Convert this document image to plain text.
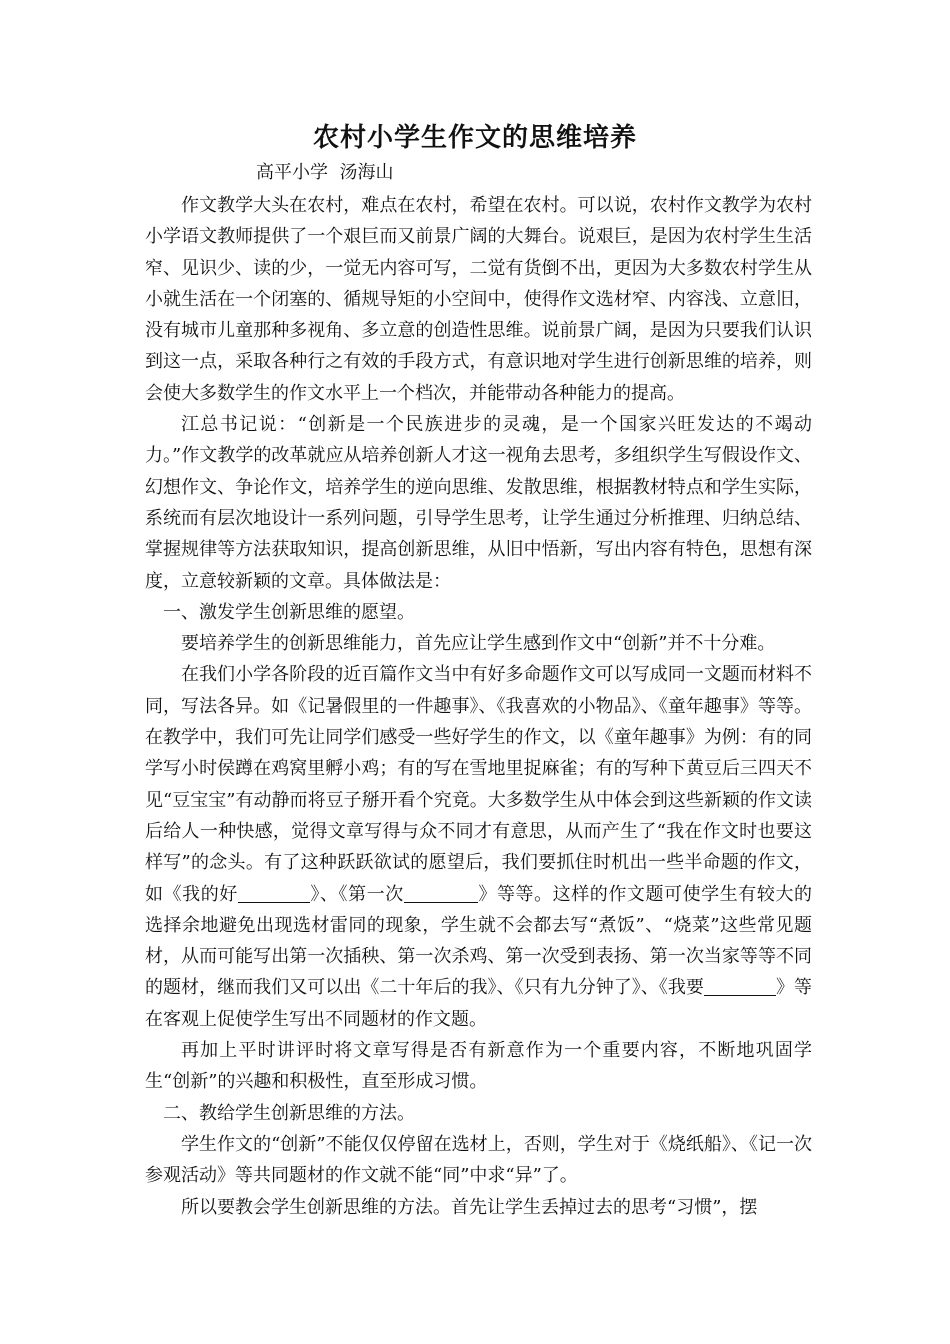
农村小学生作文的思维培养
高平小学  汤海山

作文教学大头在农村，难点在农村，希望在农村。可以说，农村作文教学为农村小学语文教师提供了一个艰巨而又前景广阔的大舞台。说艰巨，是因为农村学生生活窄、见识少、读的少，一觉无内容可写，二觉有货倒不出，更因为大多数农村学生从小就生活在一个闭塞的、循规导矩的小空间中，使得作文选材窄、内容浅、立意旧，没有城市儿童那种多视角、多立意的创造性思维。说前景广阔，是因为只要我们认识到这一点，采取各种行之有效的手段方式，有意识地对学生进行创新思维的培养，则会使大多数学生的作文水平上一个档次，并能带动各种能力的提高。

江总书记说：“创新是一个民族进步的灵魂，是一个国家兴旺发达的不竭动力。”作文教学的改革就应从培养创新人才这一视角去思考，多组织学生写假设作文、幻想作文、争论作文，培养学生的逆向思维、发散思维，根据教材特点和学生实际，系统而有层次地设计一系列问题，引导学生思考，让学生通过分析推理、归纳总结、掌握规律等方法获取知识，提高创新思维，从旧中悟新，写出内容有特色，思想有深度，立意较新颖的文章。具体做法是：

一、激发学生创新思维的愿望。

要培养学生的创新思维能力，首先应让学生感到作文中“创新”并不十分难。

在我们小学各阶段的近百篇作文当中有好多命题作文可以写成同一文题而材料不同，写法各异。如《记暑假里的一件趣事》、《我喜欢的小物品》、《童年趣事》等等。在教学中，我们可先让同学们感受一些好学生的作文，以《童年趣事》为例：有的同学写小时侯蹲在鸡窝里孵小鸡；有的写在雪地里捉麻雀；有的写种下黄豆后三四天不见“豆宝宝”有动静而将豆子掰开看个究竟。大多数学生从中体会到这些新颖的作文读后给人一种快感，觉得文章写得与众不同才有意思，从而产生了“我在作文时也要这样写”的念头。有了这种跃跃欲试的愿望后，我们要抓住时机出一些半命题的作文，如《我的好	》、《第一次	》等等。这样的作文题可使学生有较大的选择余地避免出现选材雷同的现象，学生就不会都去写“煮饭”、“烧菜”这些常见题材，从而可能写出第一次插秧、第一次杀鸡、第一次受到表扬、第一次当家等等不同的题材，继而我们又可以出《二十年后的我》、《只有九分钟了》、《我要	》等在客观上促使学生写出不同题材的作文题。

再加上平时讲评时将文章写得是否有新意作为一个重要内容，不断地巩固学生“创新”的兴趣和积极性，直至形成习惯。

二、教给学生创新思维的方法。

学生作文的“创新”不能仅仅停留在选材上，否则，学生对于《烧纸船》、《记一次参观活动》等共同题材的作文就不能“同”中求“异”了。

所以要教会学生创新思维的方法。首先让学生丢掉过去的思考“习惯”，摆
